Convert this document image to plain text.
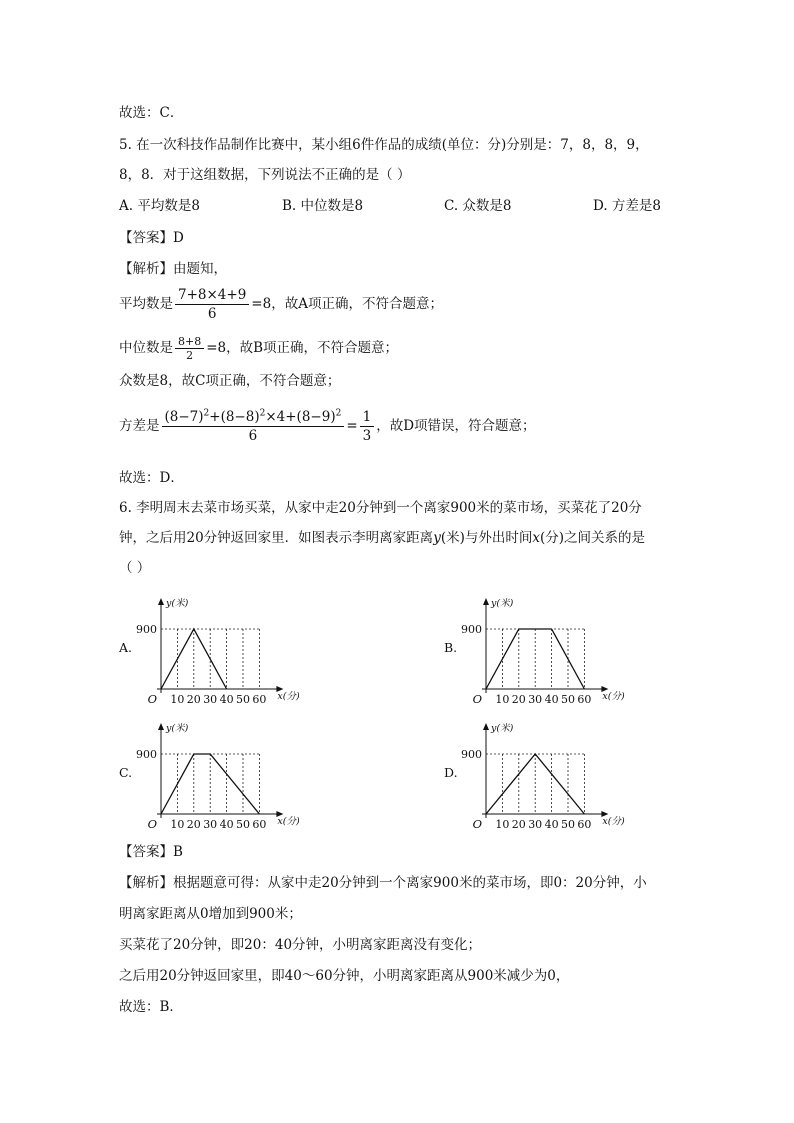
故选：C．
5. 在一次科技作品制作比赛中，某小组6件作品的成绩(单位：分)分别是：7，8，8，9，
8，8．对于这组数据，下列说法不正确的是（ ）
A. 平均数是8	B. 中位数是8	C. 众数是8	D. 方差是8
【答案】D
【解析】由题知，
平均数是 $\frac{7+8\times 4+9}{6} =8$，故A项正确，不符合题意；
中位数是 $\frac{8+8}{2} =8$，故B项正确，不符合题意；
众数是8，故C项正确，不符合题意；
方差是 $\frac{(8-7)^2+(8-8)^2\times 4+(8-9)^2}{6} = \frac{1}{3}$ ，故D项错误，符合题意；
故选：D．
6. 李明周末去菜市场买菜，从家中走20分钟到一个离家900米的菜市场，买菜花了20分
钟，之后用20分钟返回家里．如图表示李明离家距离y(米)与外出时间x(分)之间关系的是
（ ）
A.
y(米)
x(分)
900
O 10 20 30 40 50 60
B.
y(米)
x(分)
900
O 10 20 30 40 50 60
C.
y(米)
x(分)
900
O 10 20 30 40 50 60
D.
y(米)
x(分)
900
O 10 20 30 40 50 60
【答案】B
【解析】根据题意可得：从家中走20分钟到一个离家900米的菜市场，即0：20分钟，小
明离家距离从0增加到900米；
买菜花了20分钟，即20：40分钟，小明离家距离没有变化；
之后用20分钟返回家里，即40～60分钟，小明离家距离从900米减少为0，
故选：B．
